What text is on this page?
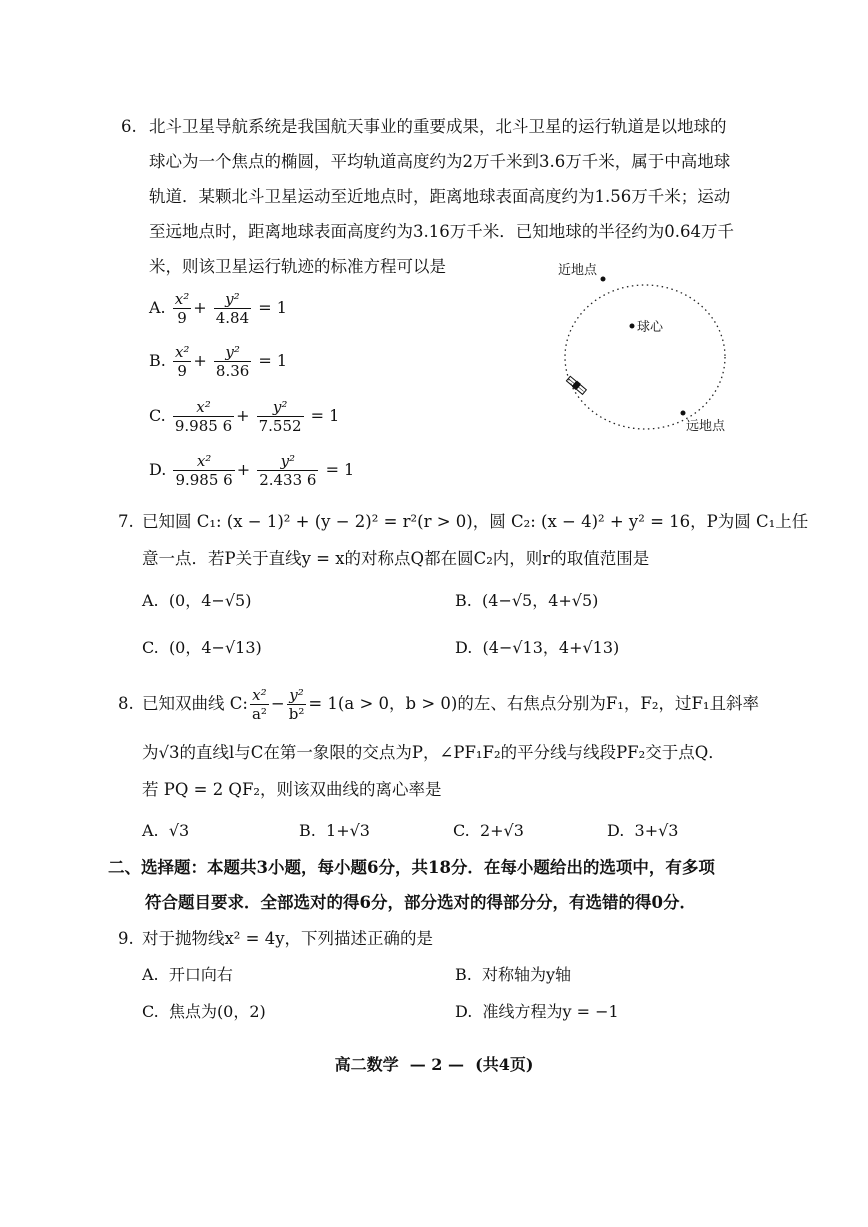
6. 北斗卫星导航系统是我国航天事业的重要成果，北斗卫星的运行轨道是以地球的
球心为一个焦点的椭圆，平均轨道高度约为2万千米到3.6万千米，属于中高地球
轨道．某颗北斗卫星运动至近地点时，距离地球表面高度约为1.56万千米；运动
至远地点时，距离地球表面高度约为3.16万千米．已知地球的半径约为0.64万千
米，则该卫星运行轨迹的标准方程可以是
A. $\frac{\text{x²}}{9} + \frac{\text{y²}}{4.84} = 1$
B. $\frac{\text{x²}}{9} + \frac{\text{y²}}{8.36} = 1$
C. $\frac{\text{x²}}{9.985 6} + \frac{\text{y²}}{7.552} = 1$
D. $\frac{\text{x²}}{9.985 6} + \frac{\text{y²}}{2.433 6} = 1$
近地点
球心
远地点
7. 已知圆 C₁: (x − 1)² + (y − 2)² = r²(r > 0)，圆 C₂: (x − 4)² + y² = 16，P为圆 C₁上任
意一点．若P关于直线y = x的对称点Q都在圆C₂内，则r的取值范围是
A. (0，4−√5)	B. (4−√5，4+√5)
C. (0，4−√13)	D. (4−√13，4+√13)
8. 已知双曲线 C: $\frac{\text{x²}}{\text{a²}} - \frac{\text{y²}}{\text{b²}} = 1(a > 0$，b > 0)的左、右焦点分别为F₁，F₂，过F₁且斜率
为√3的直线l与C在第一象限的交点为P，∠PF₁F₂的平分线与线段PF₂交于点Q．
若 PQ = 2 QF₂，则该双曲线的离心率是
A. √3	B. 1+√3	C. 2+√3	D. 3+√3
二、选择题：本题共3小题，每小题6分，共18分．在每小题给出的选项中，有多项
符合题目要求．全部选对的得6分，部分选对的得部分分，有选错的得0分．
9. 对于抛物线x² = 4y，下列描述正确的是
A. 开口向右	B. 对称轴为y轴
C. 焦点为(0，2)	D. 准线方程为y = −1
高二数学  — 2 —  (共4页)
